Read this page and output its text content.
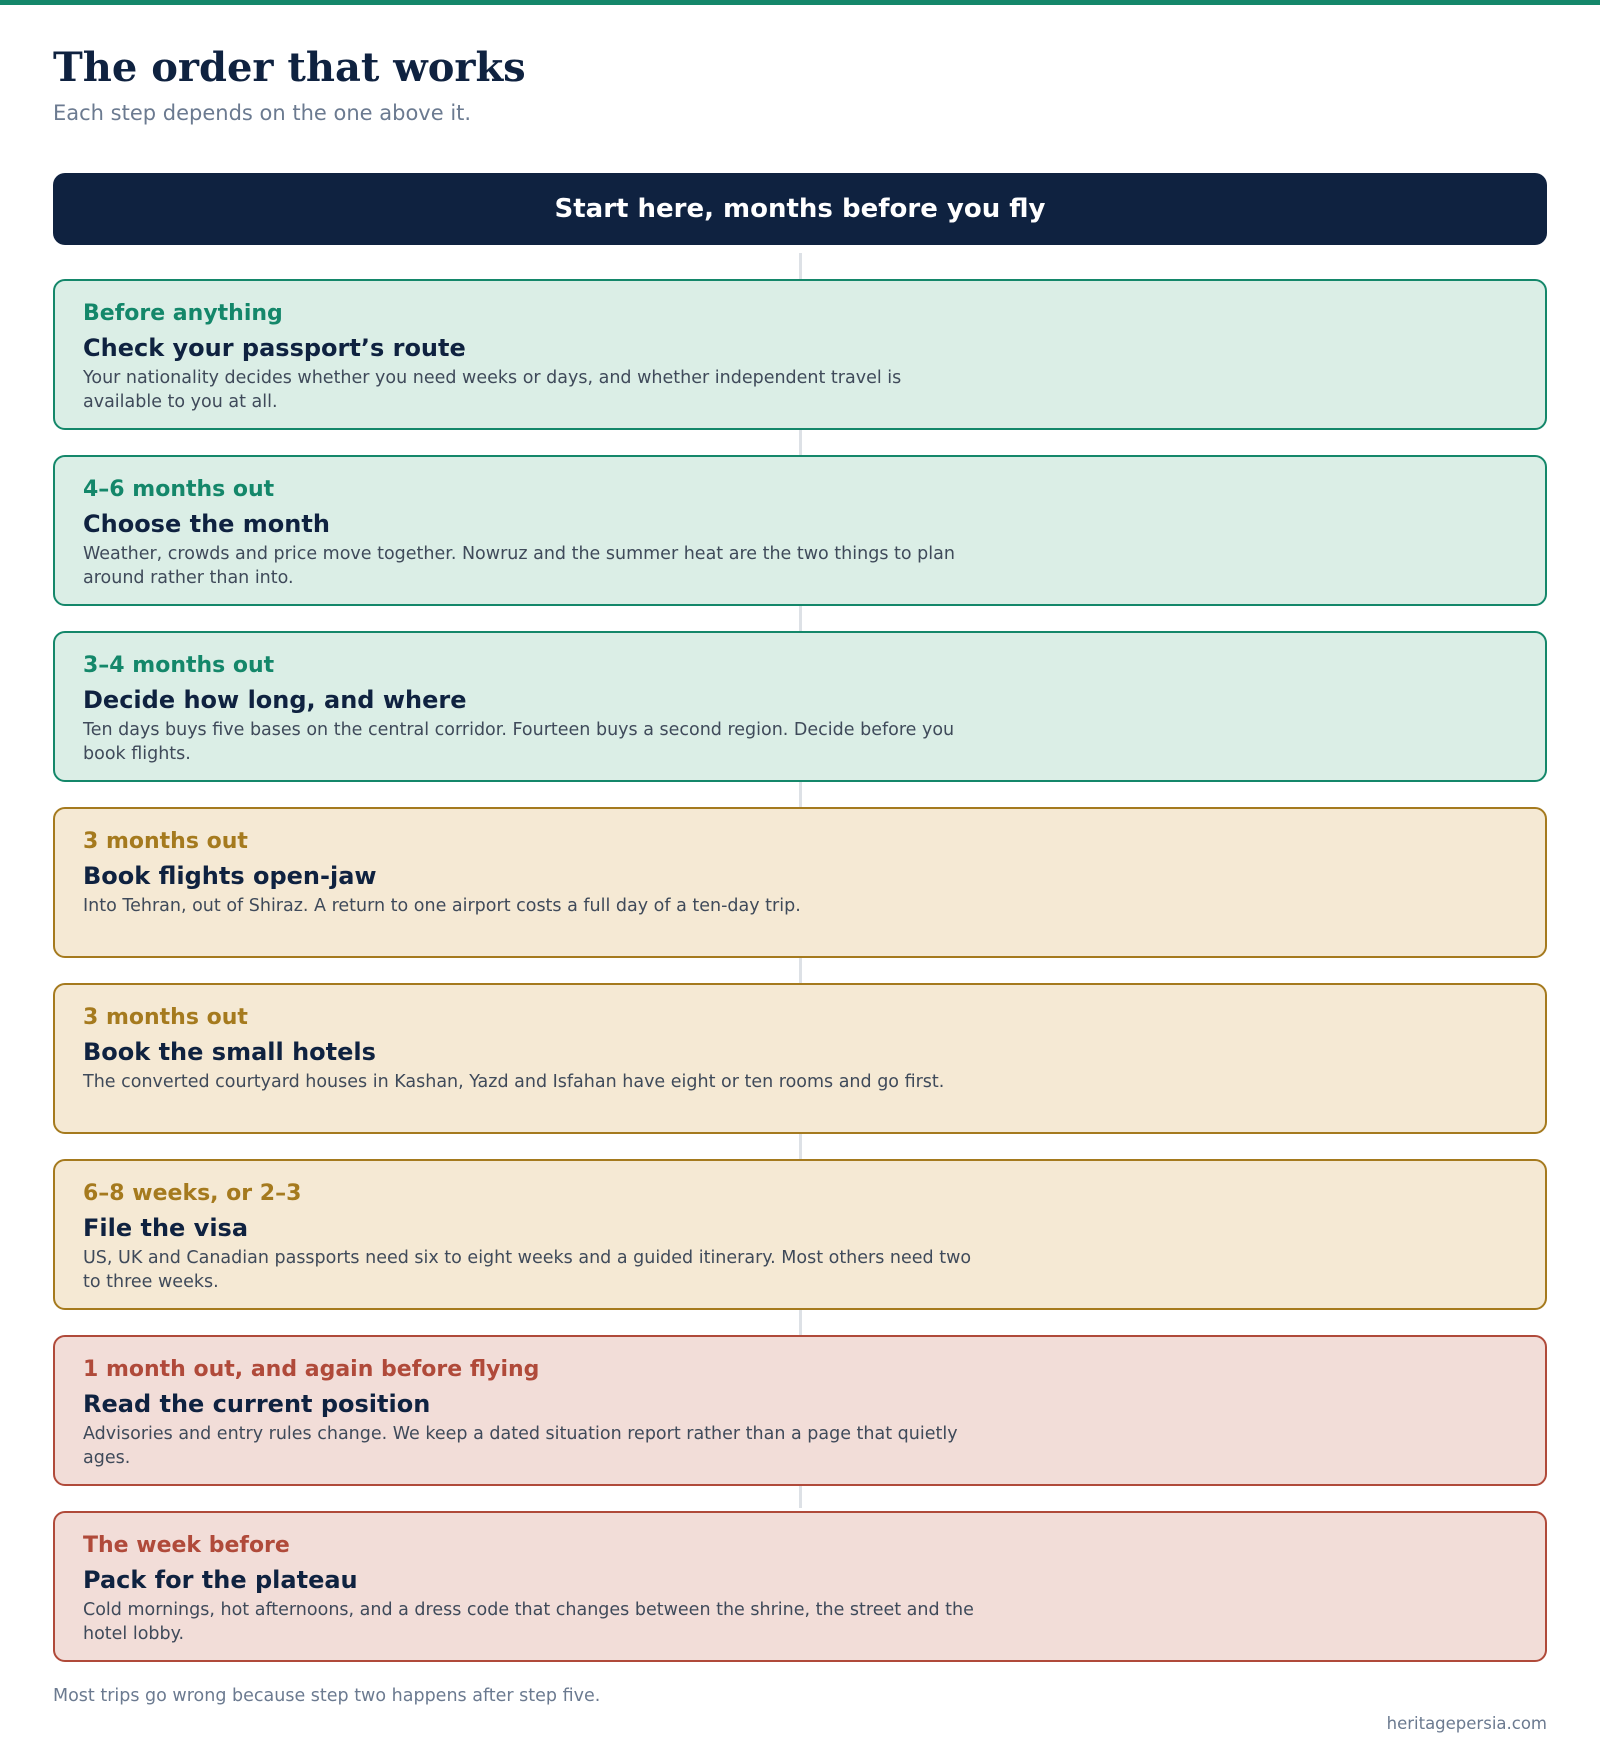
The order that works

Each step depends on the one above it.

Start here, months before you fly
Before anything
Check your passport’s route
Your nationality decides whether you need weeks or days, and whether independent travel is available to you at all.
4–6 months out
Choose the month
Weather, crowds and price move together. Nowruz and the summer heat are the two things to plan around rather than into.
3–4 months out
Decide how long, and where
Ten days buys five bases on the central corridor. Fourteen buys a second region. Decide before you book flights.
3 months out
Book flights open-jaw
Into Tehran, out of Shiraz. A return to one airport costs a full day of a ten-day trip.
3 months out
Book the small hotels
The converted courtyard houses in Kashan, Yazd and Isfahan have eight or ten rooms and go first.
6–8 weeks, or 2–3
File the visa
US, UK and Canadian passports need six to eight weeks and a guided itinerary. Most others need two to three weeks.
1 month out, and again before flying
Read the current position
Advisories and entry rules change. We keep a dated situation report rather than a page that quietly ages.
The week before
Pack for the plateau
Cold mornings, hot afternoons, and a dress code that changes between the shrine, the street and the hotel lobby.

Most trips go wrong because step two happens after step five.

heritagepersia.com
